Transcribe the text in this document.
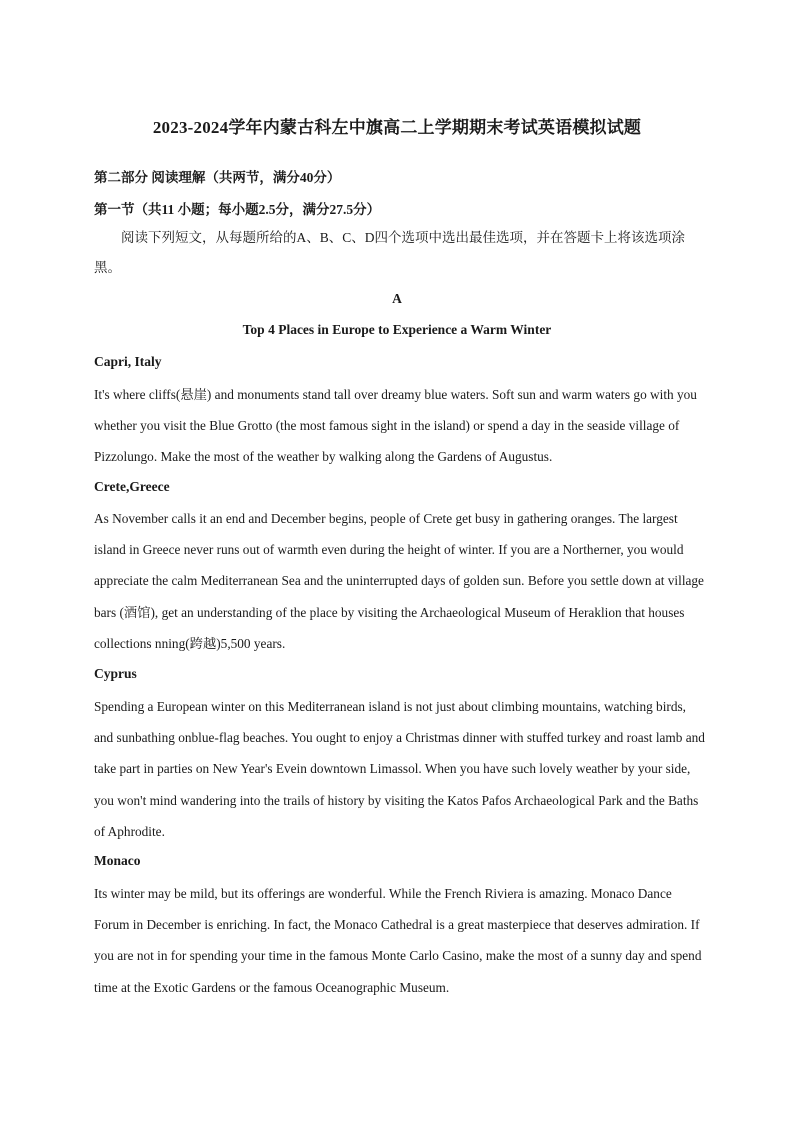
2023-2024学年内蒙古科左中旗高二上学期期末考试英语模拟试题
第二部分 阅读理解（共两节，满分40分）
第一节（共11 小题；每小题2.5分，满分27.5分）
阅读下列短文，从每题所给的A、B、C、D四个选项中选出最佳选项，并在答题卡上将该选项涂黑。
A
Top 4 Places in Europe to Experience a Warm Winter
Capri, Italy
It's where cliffs(悬崖) and monuments stand tall over dreamy blue waters. Soft sun and warm waters go with you whether you visit the Blue Grotto (the most famous sight in the island) or spend a day in the seaside village of Pizzolungo. Make the most of the weather by walking along the Gardens of Augustus.
Crete,Greece
As November calls it an end and December begins, people of Crete get busy in gathering oranges. The largest island in Greece never runs out of warmth even during the height of winter. If you are a Northerner, you would appreciate the calm Mediterranean Sea and the uninterrupted days of golden sun. Before you settle down at village bars (酒馆), get an understanding of the place by visiting the Archaeological Museum of Heraklion that houses collections nning(跨越)5,500 years.
Cyprus
Spending a European winter on this Mediterranean island is not just about climbing mountains, watching birds, and sunbathing onblue-flag beaches. You ought to enjoy a Christmas dinner with stuffed turkey and roast lamb and take part in parties on New Year's Evein downtown Limassol. When you have such lovely weather by your side, you won't mind wandering into the trails of history by visiting the Katos Pafos Archaeological Park and the Baths of Aphrodite.
Monaco
Its winter may be mild, but its offerings are wonderful. While the French Riviera is amazing. Monaco Dance Forum in December is enriching. In fact, the Monaco Cathedral is a great masterpiece that deserves admiration. If you are not in for spending your time in the famous Monte Carlo Casino, make the most of a sunny day and spend time at the Exotic Gardens or the famous Oceanographic Museum.
